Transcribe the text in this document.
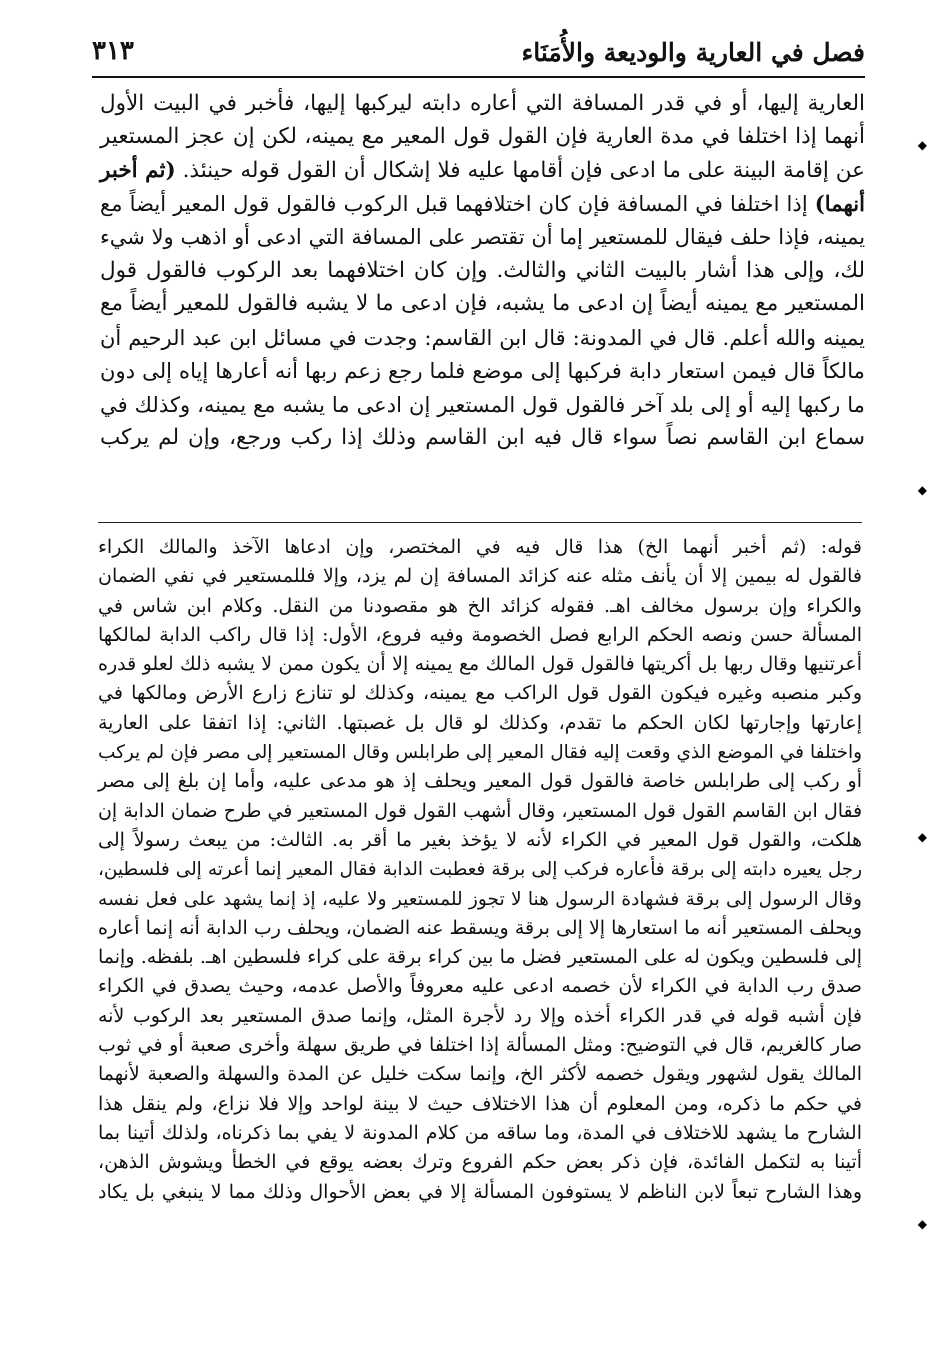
فصل في العارية والوديعة والأُمَنَاء
٣١٣
العارية إليها، أو في قدر المسافة التي أعاره دابته ليركبها إليها، فأخبر في البيت الأول
أنهما إذا اختلفا في مدة العارية فإن القول قول المعير مع يمينه، لكن إن عجز المستعير
عن إقامة البينة على ما ادعى فإن أقامها عليه فلا إشكال أن القول قوله حينئذ. (ثم أخبر
أنهما) إذا اختلفا في المسافة فإن كان اختلافهما قبل الركوب فالقول قول المعير أيضاً مع
يمينه، فإذا حلف فيقال للمستعير إما أن تقتصر على المسافة التي ادعى أو اذهب ولا شيء
لك، وإلى هذا أشار بالبيت الثاني والثالث. وإن كان اختلافهما بعد الركوب فالقول قول
المستعير مع يمينه أيضاً إن ادعى ما يشبه، فإن ادعى ما لا يشبه فالقول للمعير أيضاً مع
يمينه والله أعلم. قال في المدونة: قال ابن القاسم: وجدت في مسائل ابن عبد الرحيم أن
مالكاً قال فيمن استعار دابة فركبها إلى موضع فلما رجع زعم ربها أنه أعارها إياه إلى دون
ما ركبها إليه أو إلى بلد آخر فالقول قول المستعير إن ادعى ما يشبه مع يمينه، وكذلك في
سماع ابن القاسم نصاً سواء قال فيه ابن القاسم وذلك إذا ركب ورجع، وإن لم يركب
قوله: (ثم أخبر أنهما الخ) هذا قال فيه في المختصر، وإن ادعاها الآخذ والمالك الكراء
فالقول له بيمين إلا أن يأنف مثله عنه كزائد المسافة إن لم يزد، وإلا فللمستعير في نفي الضمان
والكراء وإن برسول مخالف اهـ. فقوله كزائد الخ هو مقصودنا من النقل. وكلام ابن شاس في
المسألة حسن ونصه الحكم الرابع فصل الخصومة وفيه فروع، الأول: إذا قال راكب الدابة لمالكها
أعرتنيها وقال ربها بل أكريتها فالقول قول المالك مع يمينه إلا أن يكون ممن لا يشبه ذلك لعلو قدره
وكبر منصبه وغيره فيكون القول قول الراكب مع يمينه، وكذلك لو تنازع زارع الأرض ومالكها في
إعارتها وإجارتها لكان الحكم ما تقدم، وكذلك لو قال بل غصبتها. الثاني: إذا اتفقا على العارية
واختلفا في الموضع الذي وقعت إليه فقال المعير إلى طرابلس وقال المستعير إلى مصر فإن لم يركب
أو ركب إلى طرابلس خاصة فالقول قول المعير ويحلف إذ هو مدعى عليه، وأما إن بلغ إلى مصر
فقال ابن القاسم القول قول المستعير، وقال أشهب القول قول المستعير في طرح ضمان الدابة إن
هلكت، والقول قول المعير في الكراء لأنه لا يؤخذ بغير ما أقر به. الثالث: من يبعث رسولاً إلى
رجل يعيره دابته إلى برقة فأعاره فركب إلى برقة فعطبت الدابة فقال المعير إنما أعرته إلى فلسطين،
وقال الرسول إلى برقة فشهادة الرسول هنا لا تجوز للمستعير ولا عليه، إذ إنما يشهد على فعل نفسه
ويحلف المستعير أنه ما استعارها إلا إلى برقة ويسقط عنه الضمان، ويحلف رب الدابة أنه إنما أعاره
إلى فلسطين ويكون له على المستعير فضل ما بين كراء برقة على كراء فلسطين اهـ. بلفظه. وإنما
صدق رب الدابة في الكراء لأن خصمه ادعى عليه معروفاً والأصل عدمه، وحيث يصدق في الكراء
فإن أشبه قوله في قدر الكراء أخذه وإلا رد لأجرة المثل، وإنما صدق المستعير بعد الركوب لأنه
صار كالغريم، قال في التوضيح: ومثل المسألة إذا اختلفا في طريق سهلة وأخرى صعبة أو في ثوب
المالك يقول لشهور ويقول خصمه لأكثر الخ، وإنما سكت خليل عن المدة والسهلة والصعبة لأنهما
في حكم ما ذكره، ومن المعلوم أن هذا الاختلاف حيث لا بينة لواحد وإلا فلا نزاع، ولم ينقل هذا
الشارح ما يشهد للاختلاف في المدة، وما ساقه من كلام المدونة لا يفي بما ذكرناه، ولذلك أتينا بما
أتينا به لتكمل الفائدة، فإن ذكر بعض حكم الفروع وترك بعضه يوقع في الخطأ ويشوش الذهن،
وهذا الشارح تبعاً لابن الناظم لا يستوفون المسألة إلا في بعض الأحوال وذلك مما لا ينبغي بل يكاد
◆
◆
◆
◆
